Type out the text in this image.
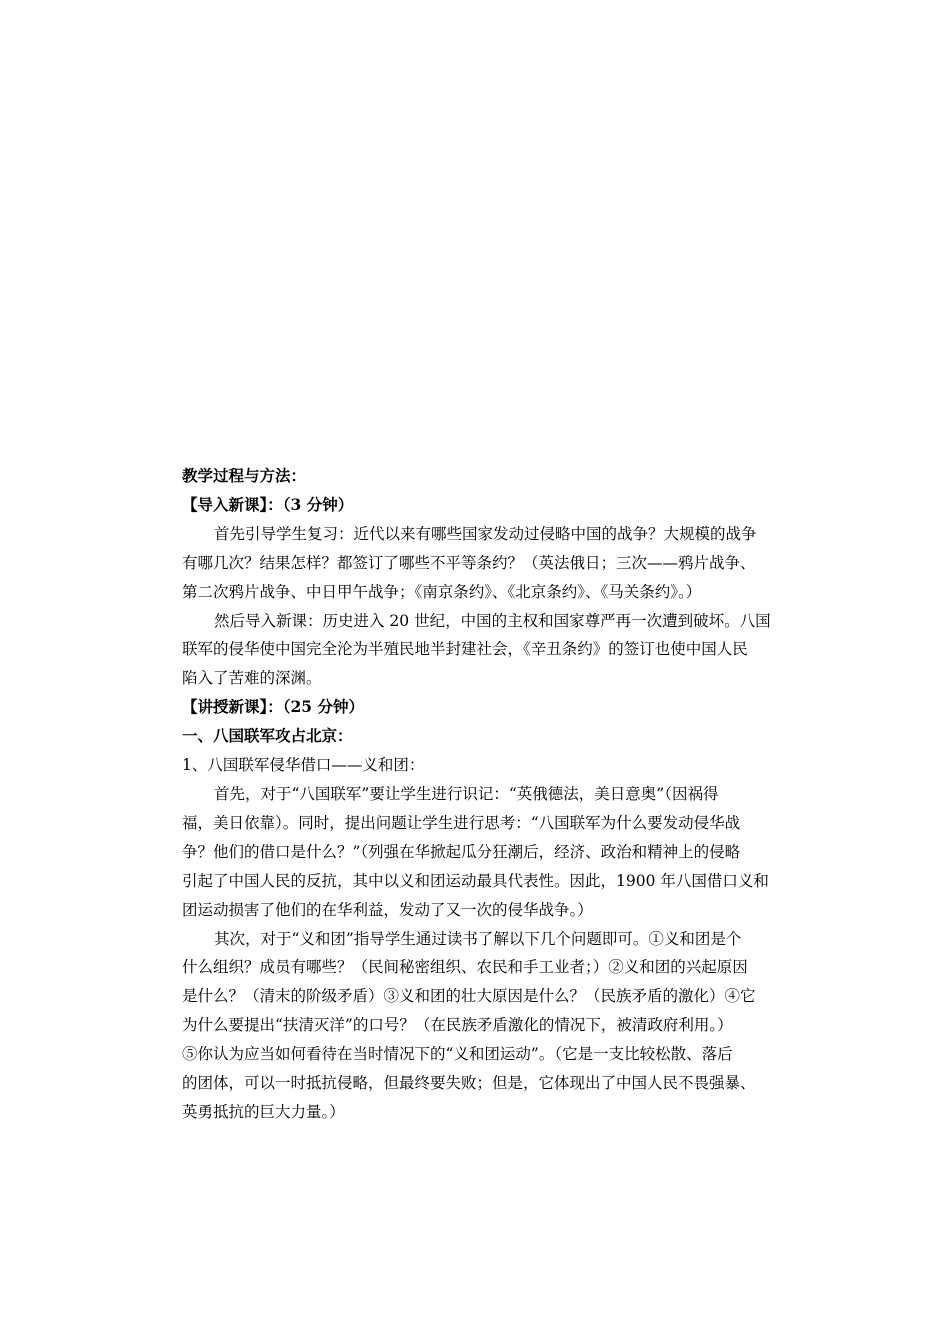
教学过程与方法：
【导入新课】：（3 分钟）
首先引导学生复习：近代以来有哪些国家发动过侵略中国的战争？大规模的战争
有哪几次？结果怎样？都签订了哪些不平等条约？（英法俄日；三次——鸦片战争、
第二次鸦片战争、中日甲午战争；《南京条约》、《北京条约》、《马关条约》。）
然后导入新课：历史进入 20 世纪，中国的主权和国家尊严再一次遭到破坏。八国
联军的侵华使中国完全沦为半殖民地半封建社会，《辛丑条约》的签订也使中国人民
陷入了苦难的深渊。
【讲授新课】：（25 分钟）
一、八国联军攻占北京：
1、八国联军侵华借口——义和团：
首先，对于“八国联军”要让学生进行识记：“英俄德法，美日意奥”（因祸得
福，美日依靠）。同时，提出问题让学生进行思考：“八国联军为什么要发动侵华战
争？他们的借口是什么？”（列强在华掀起瓜分狂潮后，经济、政治和精神上的侵略
引起了中国人民的反抗，其中以义和团运动最具代表性。因此，1900 年八国借口义和
团运动损害了他们的在华利益，发动了又一次的侵华战争。）
其次，对于“义和团”指导学生通过读书了解以下几个问题即可。①义和团是个
什么组织？成员有哪些？（民间秘密组织、农民和手工业者；）②义和团的兴起原因
是什么？（清末的阶级矛盾）③义和团的壮大原因是什么？（民族矛盾的激化）④它
为什么要提出“扶清灭洋”的口号？（在民族矛盾激化的情况下，被清政府利用。）
⑤你认为应当如何看待在当时情况下的“义和团运动”。（它是一支比较松散、落后
的团体，可以一时抵抗侵略，但最终要失败；但是，它体现出了中国人民不畏强暴、
英勇抵抗的巨大力量。）
